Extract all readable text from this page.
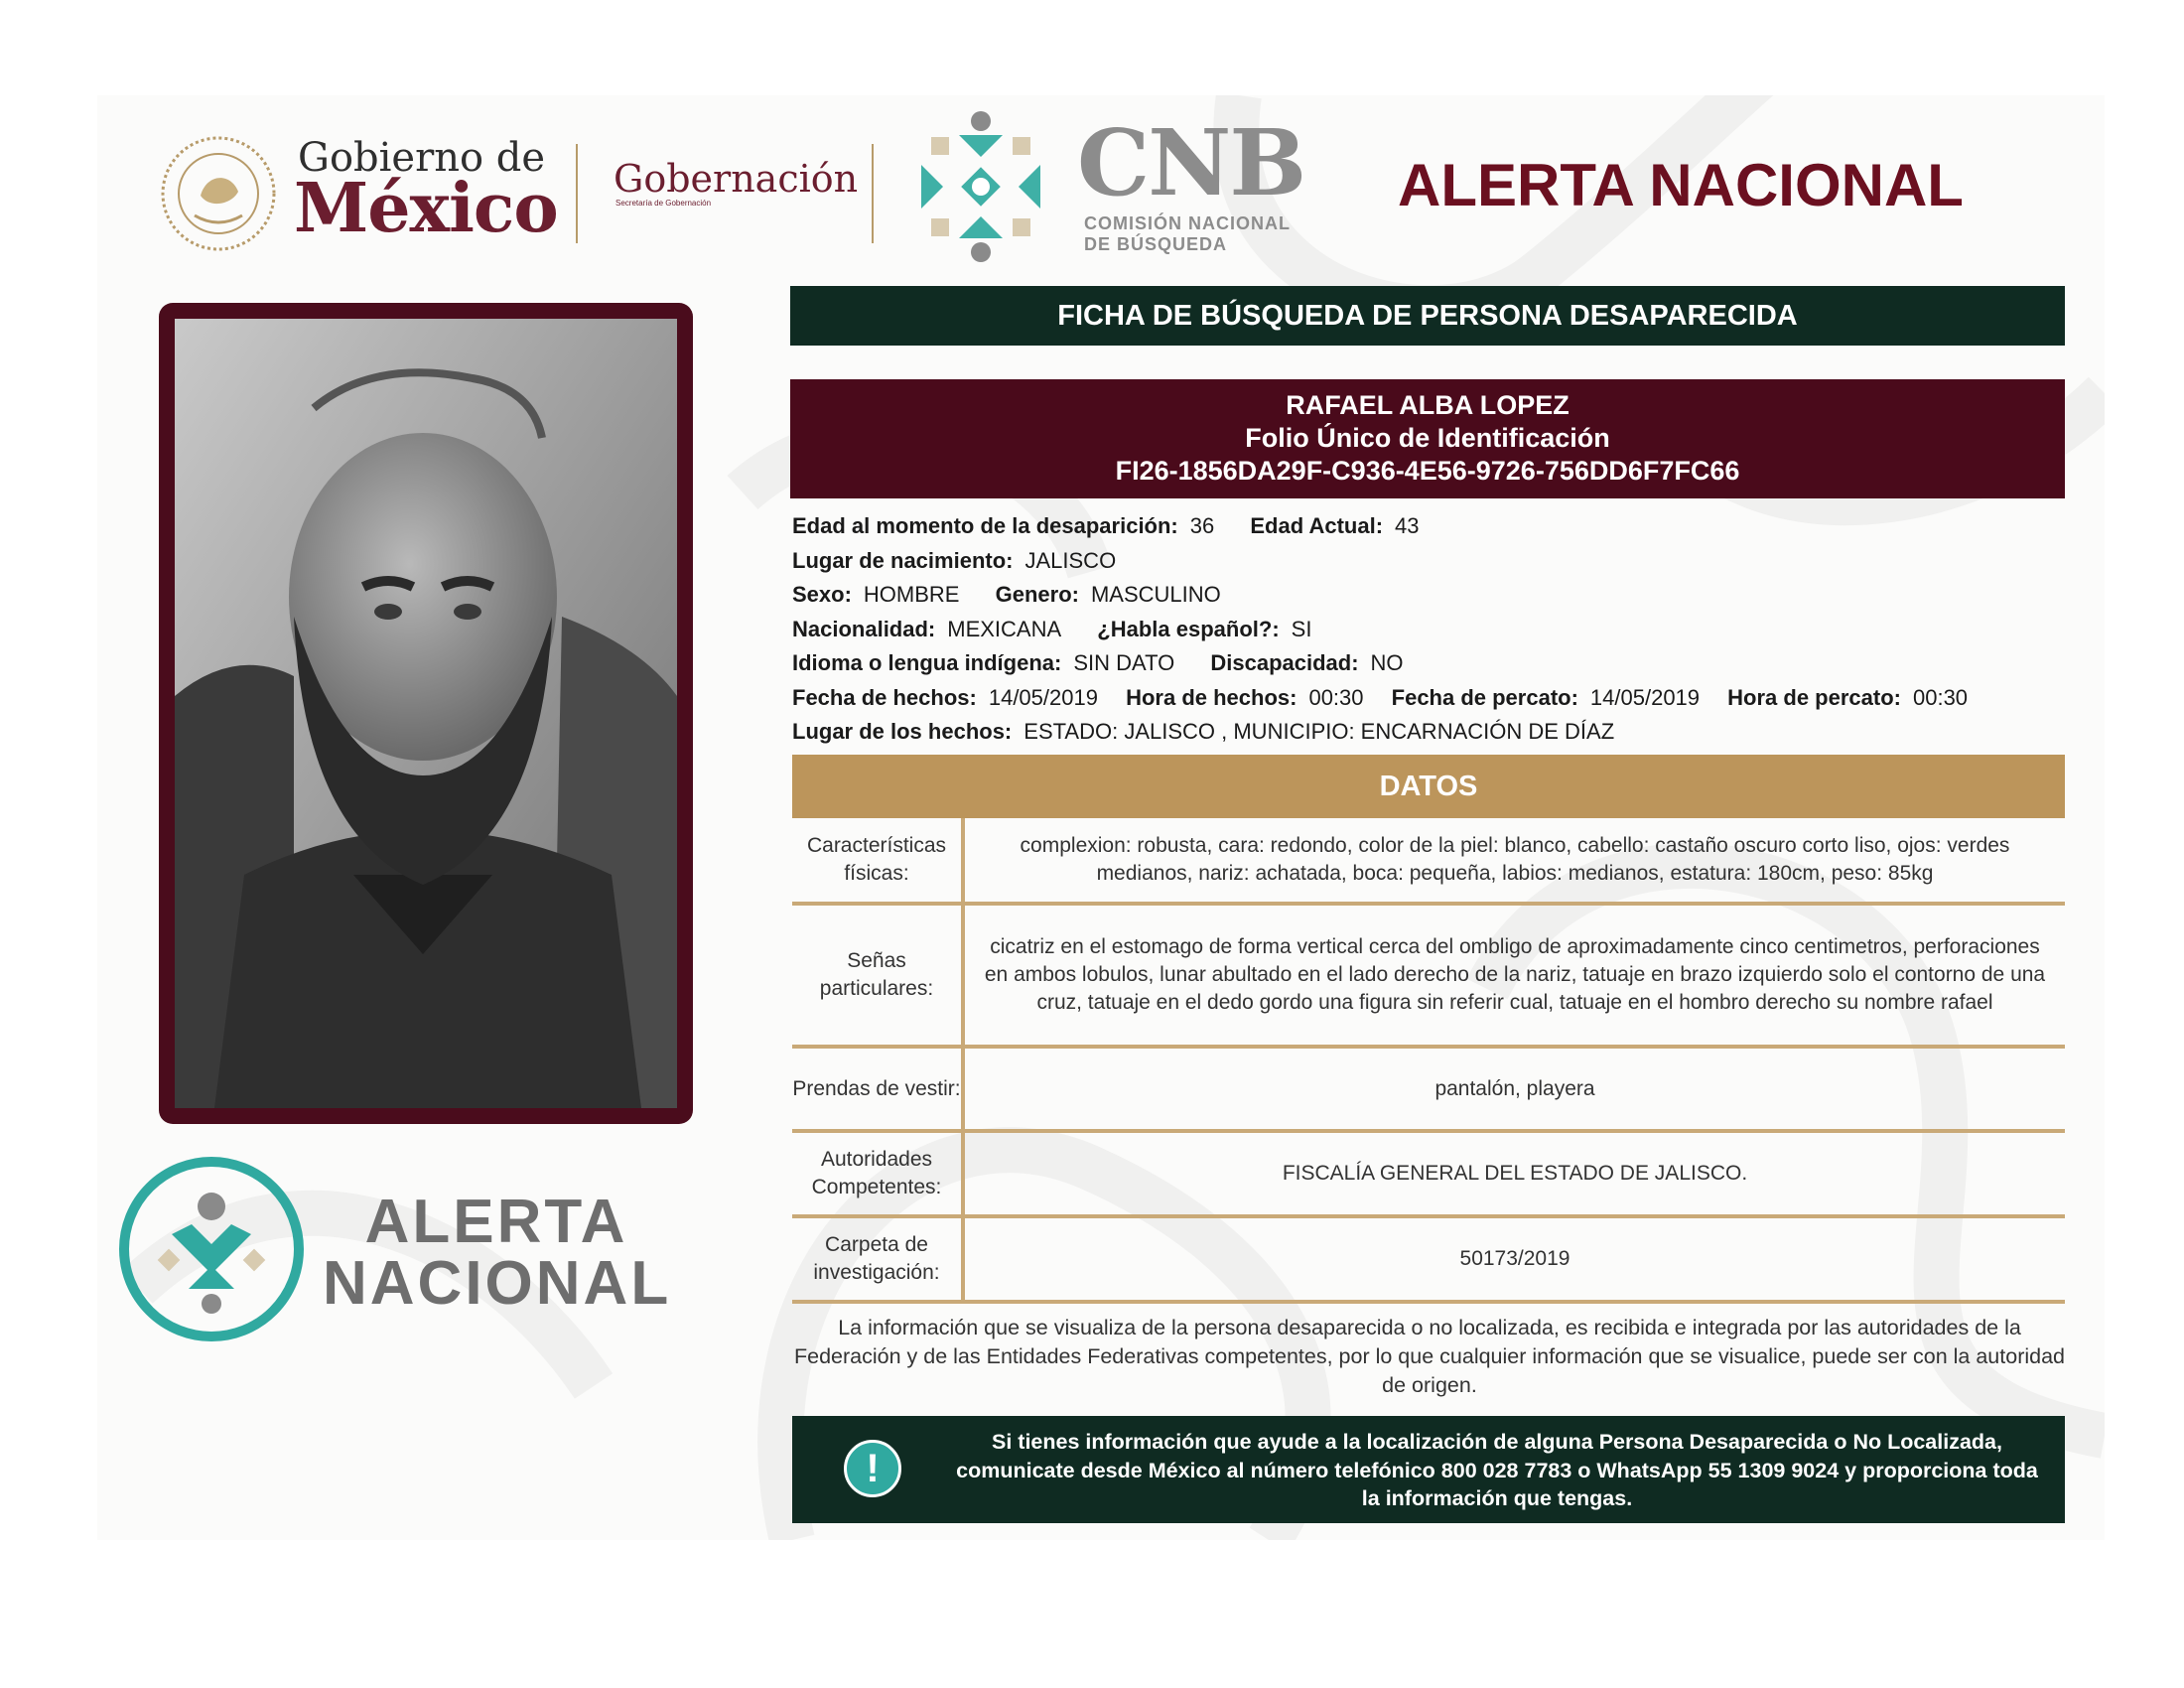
Gobierno de
México Gobernación
Secretaría de Gobernación	CNB
COMISIÓN NACIONAL
DE BÚSQUEDA
ALERTA NACIONAL
ALERTA
NACIONAL
FICHA DE BÚSQUEDA DE PERSONA DESAPARECIDA
RAFAEL ALBA LOPEZ
Folio Único de Identificación
FI26-1856DA29F-C936-4E56-9726-756DD6F7FC66
Edad al momento de la desaparición: 36 Edad Actual: 43
Lugar de nacimiento: JALISCO
Sexo: HOMBRE Genero: MASCULINO
Nacionalidad: MEXICANA ¿Habla español?: SI
Idioma o lengua indígena: SIN DATO Discapacidad: NO
Fecha de hechos: 14/05/2019 Hora de hechos: 00:30 Fecha de percato: 14/05/2019 Hora de percato: 00:30
Lugar de los hechos: ESTADO: JALISCO , MUNICIPIO: ENCARNACIÓN DE DÍAZ
DATOS
Características físicas:
complexion: robusta, cara: redondo, color de la piel: blanco, cabello: castaño oscuro corto liso, ojos: verdes medianos, nariz: achatada, boca: pequeña, labios: medianos, estatura: 180cm, peso: 85kg
Señas particulares:
cicatriz en el estomago de forma vertical cerca del ombligo de aproximadamente cinco centimetros, perforaciones en ambos lobulos, lunar abultado en el lado derecho de la nariz, tatuaje en brazo izquierdo solo el contorno de una cruz, tatuaje en el dedo gordo una figura sin referir cual, tatuaje en el hombro derecho su nombre rafael
Prendas de vestir:	pantalón, playera
Autoridades Competentes:
FISCALÍA GENERAL DEL ESTADO DE JALISCO.
Carpeta de investigación:
50173/2019
La información que se visualiza de la persona desaparecida o no localizada, es recibida e integrada por las autoridades de la Federación y de las Entidades Federativas competentes, por lo que cualquier información que se visualice, puede ser con la autoridad de origen.
!
Si tienes información que ayude a la localización de alguna Persona Desaparecida o No Localizada, comunicate desde México al número telefónico 800 028 7783 o WhatsApp 55 1309 9024 y proporciona toda la información que tengas.
